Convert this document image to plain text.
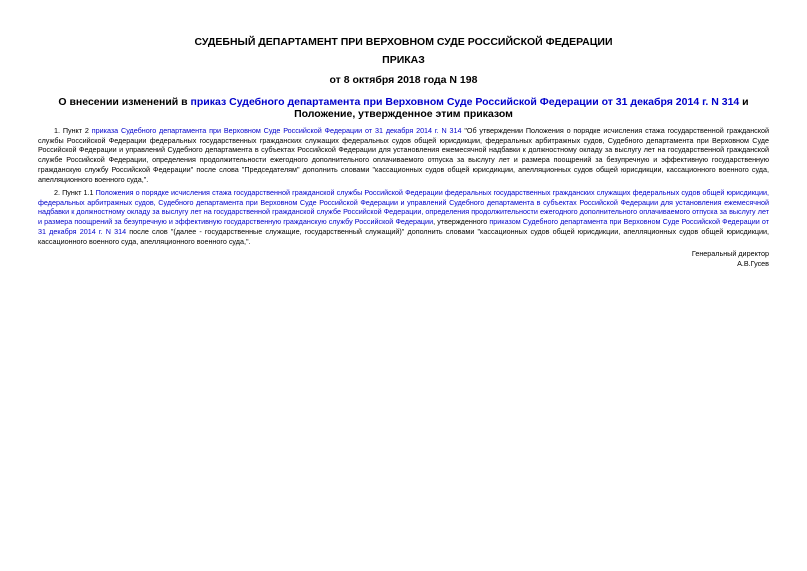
СУДЕБНЫЙ ДЕПАРТАМЕНТ ПРИ ВЕРХОВНОМ СУДЕ РОССИЙСКОЙ ФЕДЕРАЦИИ
ПРИКАЗ
от 8 октября 2018 года N 198
О внесении изменений в приказ Судебного департамента при Верховном Суде Российской Федерации от 31 декабря 2014 г. N 314 и Положение, утвержденное этим приказом
1. Пункт 2 приказа Судебного департамента при Верховном Суде Российской Федерации от 31 декабря 2014 г. N 314 "Об утверждении Положения о порядке исчисления стажа государственной гражданской службы Российской Федерации федеральных государственных гражданских служащих федеральных судов общей юрисдикции, федеральных арбитражных судов, Судебного департамента при Верховном Суде Российской Федерации и управлений Судебного департамента в субъектах Российской Федерации для установления ежемесячной надбавки к должностному окладу за выслугу лет на государственной гражданской службе Российской Федерации, определения продолжительности ежегодного дополнительного оплачиваемого отпуска за выслугу лет и размера поощрений за безупречную и эффективную государственную гражданскую службу Российской Федерации" после слова "Председателям" дополнить словами "кассационных судов общей юрисдикции, апелляционных судов общей юрисдикции, кассационного военного суда, апелляционного военного суда,".
2. Пункт 1.1 Положения о порядке исчисления стажа государственной гражданской службы Российской Федерации федеральных государственных гражданских служащих федеральных судов общей юрисдикции, федеральных арбитражных судов, Судебного департамента при Верховном Суде Российской Федерации и управлений Судебного департамента в субъектах Российской Федерации для установления ежемесячной надбавки к должностному окладу за выслугу лет на государственной гражданской службе Российской Федерации, определения продолжительности ежегодного дополнительного оплачиваемого отпуска за выслугу лет и размера поощрений за безупречную и эффективную государственную гражданскую службу Российской Федерации, утвержденного приказом Судебного департамента при Верховном Суде Российской Федерации от 31 декабря 2014 г. N 314 после слов "(далее - государственные служащие, государственный служащий)" дополнить словами "кассационных судов общей юрисдикции, апелляционных судов общей юрисдикции, кассационного военного суда, апелляционного военного суда,".
Генеральный директор
А.В.Гусев
